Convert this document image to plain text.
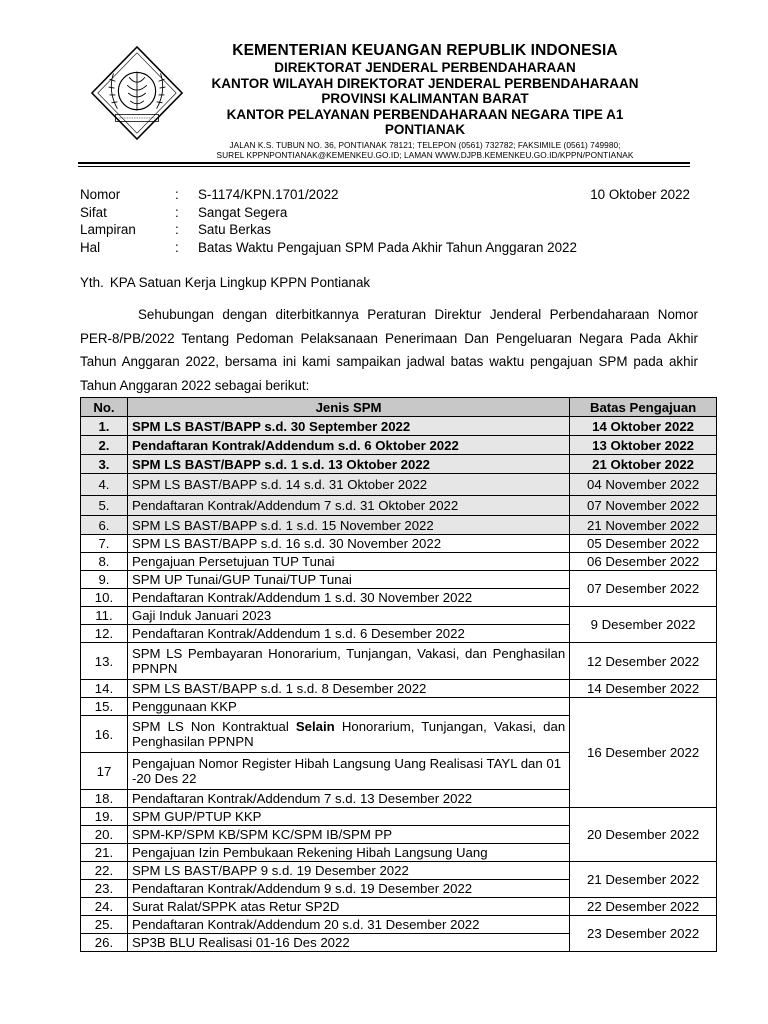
KEMENTERIAN KEUANGAN REPUBLIK INDONESIA
DIREKTORAT JENDERAL PERBENDAHARAAN
KANTOR WILAYAH DIREKTORAT JENDERAL PERBENDAHARAAN
PROVINSI KALIMANTAN BARAT
KANTOR PELAYANAN PERBENDAHARAAN NEGARA TIPE A1
PONTIANAK
JALAN K.S. TUBUN NO. 36, PONTIANAK 78121; TELEPON (0561) 732782; FAKSIMILE (0561) 749980;
SUREL KPPNPONTIANAK@KEMENKEU.GO.ID; LAMAN WWW.DJPB.KEMENKEU.GO.ID/KPPN/PONTIANAK
Nomor	:	S-1174/KPN.1701/2022	10 Oktober 2022
Sifat	:	Sangat Segera
Lampiran	:	Satu Berkas
Hal	:	Batas Waktu Pengajuan SPM Pada Akhir Tahun Anggaran 2022
Yth. KPA Satuan Kerja Lingkup KPPN Pontianak
Sehubungan dengan diterbitkannya Peraturan Direktur Jenderal Perbendaharaan Nomor PER-8/PB/2022 Tentang Pedoman Pelaksanaan Penerimaan Dan Pengeluaran Negara Pada Akhir Tahun Anggaran 2022, bersama ini kami sampaikan jadwal batas waktu pengajuan SPM pada akhir Tahun Anggaran 2022 sebagai berikut:
No.	Jenis SPM	Batas Pengajuan
1.	SPM LS BAST/BAPP s.d. 30 September 2022	14 Oktober 2022
2.	Pendaftaran Kontrak/Addendum s.d. 6 Oktober 2022	13 Oktober 2022
3.	SPM LS BAST/BAPP s.d. 1 s.d. 13 Oktober 2022	21 Oktober 2022
4.	SPM LS BAST/BAPP s.d. 14 s.d. 31 Oktober 2022	04 November 2022
5.	Pendaftaran Kontrak/Addendum 7 s.d. 31 Oktober 2022	07 November 2022
6.	SPM LS BAST/BAPP s.d. 1 s.d. 15 November 2022	21 November 2022
7.	SPM LS BAST/BAPP s.d. 16 s.d. 30 November 2022	05 Desember 2022
8.	Pengajuan Persetujuan TUP Tunai	06 Desember 2022
9.	SPM UP Tunai/GUP Tunai/TUP Tunai	07 Desember 2022
10.	Pendaftaran Kontrak/Addendum 1 s.d. 30 November 2022	
11.	Gaji Induk Januari 2023	9 Desember 2022
12.	Pendaftaran Kontrak/Addendum 1 s.d. 6 Desember 2022	
13.	SPM LS Pembayaran Honorarium, Tunjangan, Vakasi, dan Penghasilan PPNPN	12 Desember 2022
14.	SPM LS BAST/BAPP s.d. 1 s.d. 8 Desember 2022	14 Desember 2022
15.	Penggunaan KKP	16 Desember 2022
16.	SPM LS Non Kontraktual Selain Honorarium, Tunjangan, Vakasi, dan Penghasilan PPNPN	
17	Pengajuan Nomor Register Hibah Langsung Uang Realisasi TAYL dan 01 -20 Des 22	
18.	Pendaftaran Kontrak/Addendum 7 s.d. 13 Desember 2022	
19.	SPM GUP/PTUP KKP	20 Desember 2022
20.	SPM-KP/SPM KB/SPM KC/SPM IB/SPM PP	
21.	Pengajuan Izin Pembukaan Rekening Hibah Langsung Uang	
22.	SPM LS BAST/BAPP 9 s.d. 19 Desember 2022	21 Desember 2022
23.	Pendaftaran Kontrak/Addendum 9 s.d. 19 Desember 2022	
24.	Surat Ralat/SPPK atas Retur SP2D	22 Desember 2022
25.	Pendaftaran Kontrak/Addendum 20 s.d. 31 Desember 2022	23 Desember 2022
26.	SP3B BLU Realisasi 01-16 Des 2022	
